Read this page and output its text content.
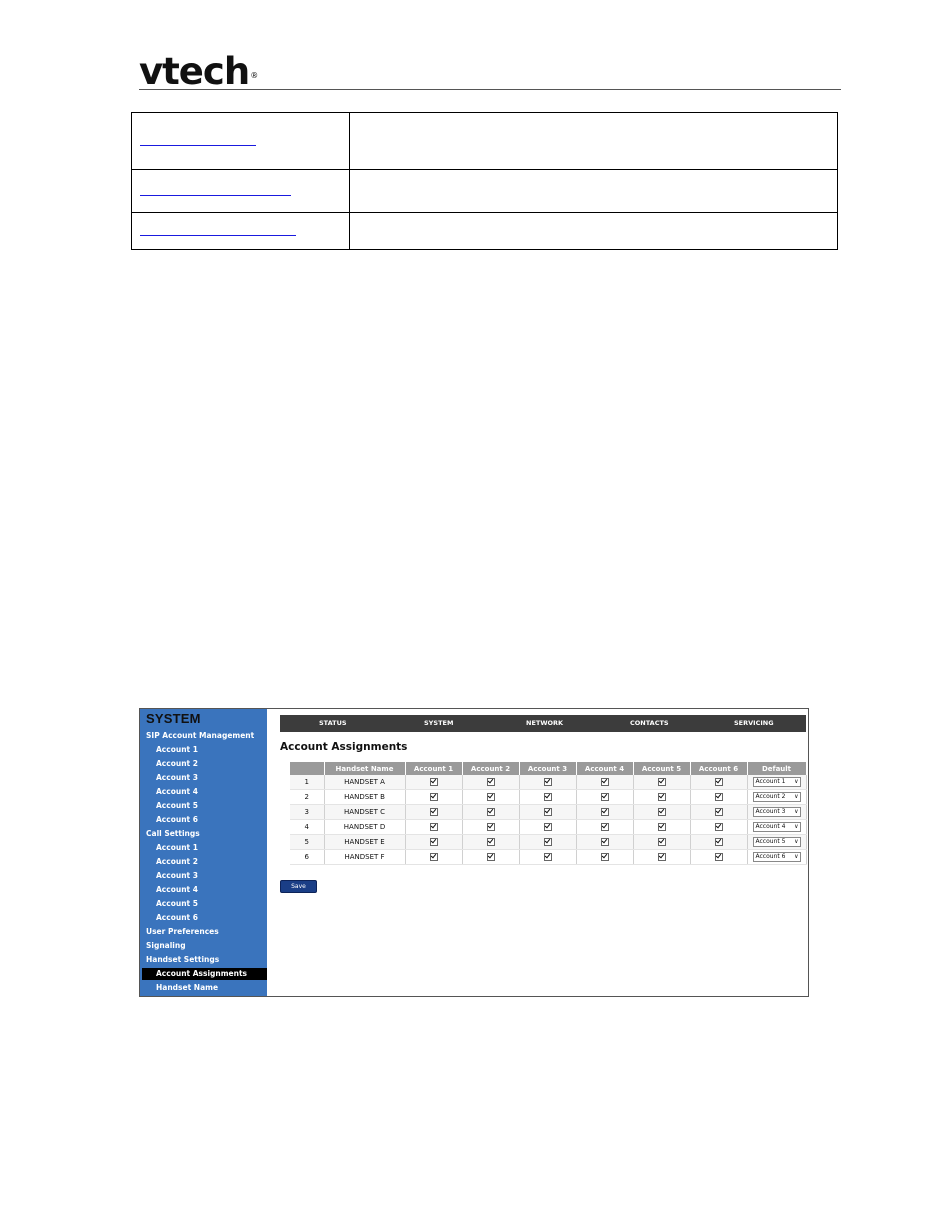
vtech®

SYSTEM
SIP Account Management
Account 1
Account 2
Account 3
Account 4
Account 5
Account 6
Call Settings
Account 1
Account 2
Account 3
Account 4
Account 5
Account 6
User Preferences
Signaling
Handset Settings
Account Assignments
Handset Name
STATUS	SYSTEM	NETWORK	CONTACTS	SERVICING
Account Assignments
	Handset Name	Account 1	Account 2	Account 3	Account 4	Account 5	Account 6	Default
1	HANDSET A							Account 1 ∨

2	HANDSET B							Account 2 ∨

3	HANDSET C							Account 3 ∨

4	HANDSET D							Account 4 ∨

5	HANDSET E							Account 5 ∨

6	HANDSET F							Account 6 ∨
Save
